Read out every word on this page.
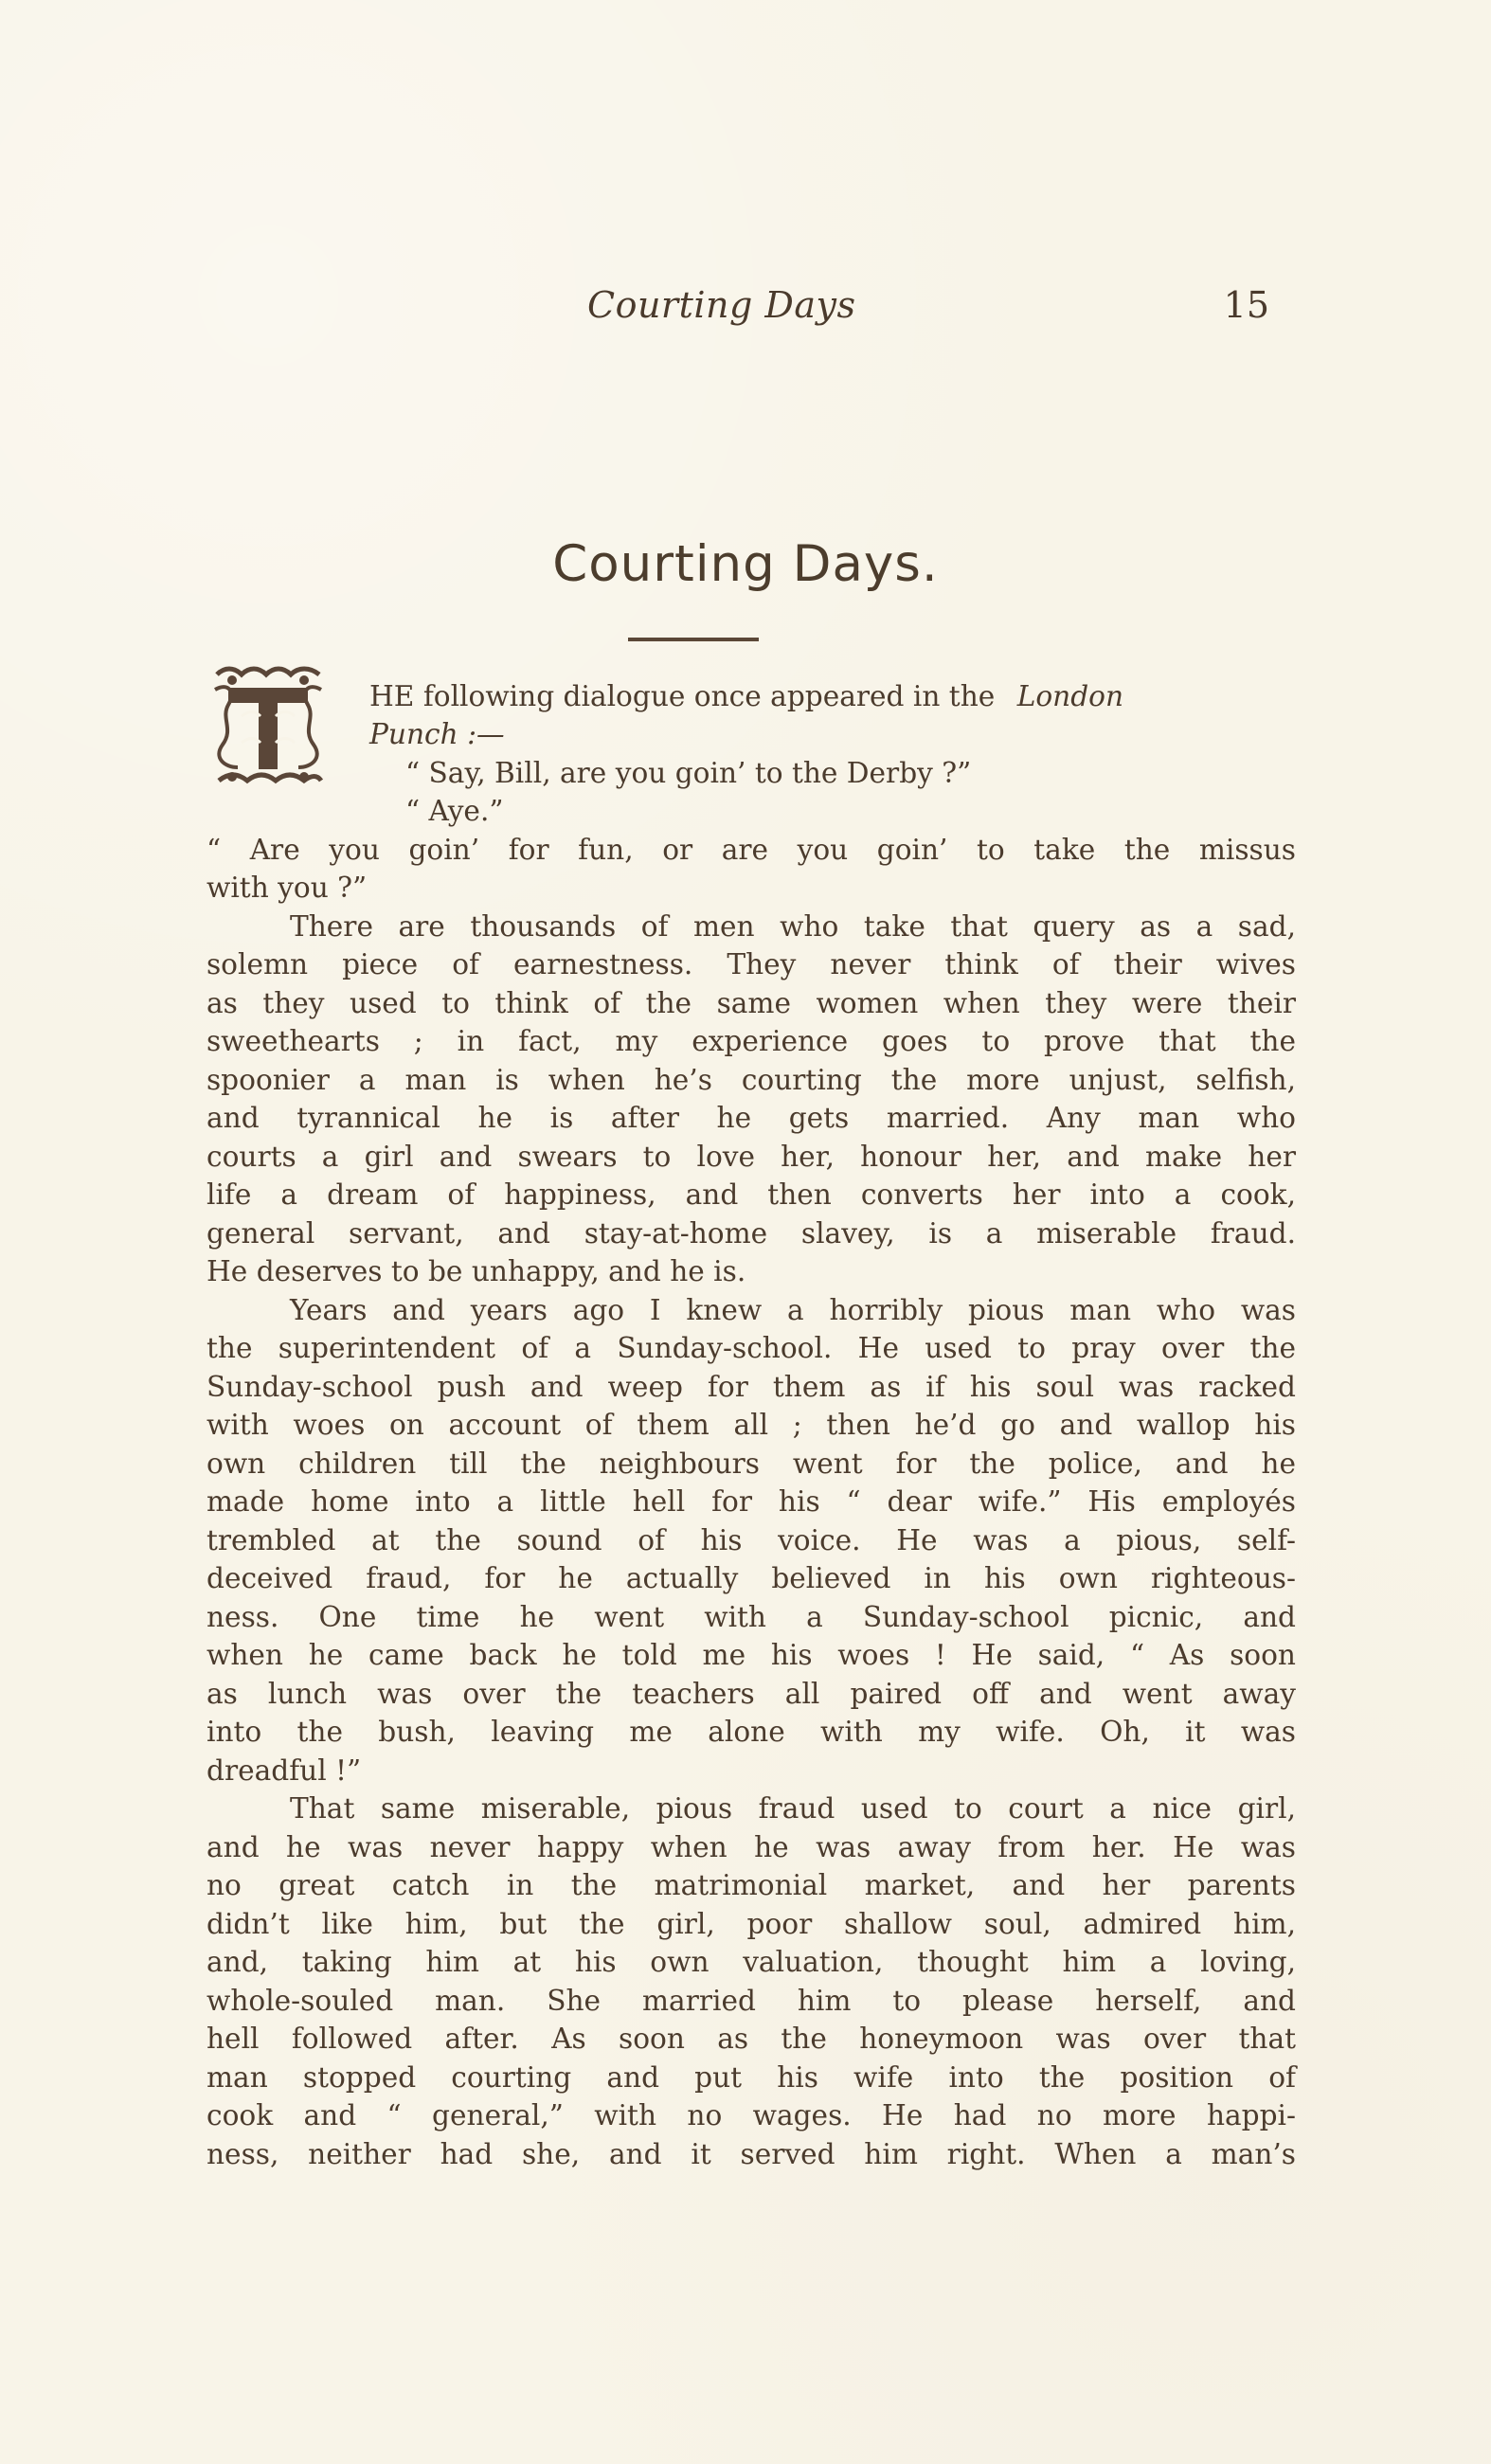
Courting Days	15
Courting Days.
HE following dialogue once appeared in the London
Punch :—
“ Say, Bill, are you goin’ to the Derby ?”
“ Aye.”
“ Are you goin’ for fun, or are you goin’ to take the missus
with you ?”
There are thousands of men who take that query as a sad,
solemn piece of earnestness. They never think of their wives
as they used to think of the same women when they were their
sweethearts ; in fact, my experience goes to prove that the
spoonier a man is when he’s courting the more unjust, selfish,
and tyrannical he is after he gets married. Any man who
courts a girl and swears to love her, honour her, and make her
life a dream of happiness, and then converts her into a cook,
general servant, and stay-at-home slavey, is a miserable fraud.
He deserves to be unhappy, and he is.
Years and years ago I knew a horribly pious man who was
the superintendent of a Sunday-school. He used to pray over the
Sunday-school push and weep for them as if his soul was racked
with woes on account of them all ; then he’d go and wallop his
own children till the neighbours went for the police, and he
made home into a little hell for his “ dear wife.” His employés
trembled at the sound of his voice. He was a pious, self-
deceived fraud, for he actually believed in his own righteous-
ness. One time he went with a Sunday-school picnic, and
when he came back he told me his woes ! He said, “ As soon
as lunch was over the teachers all paired off and went away
into the bush, leaving me alone with my wife. Oh, it was
dreadful !”
That same miserable, pious fraud used to court a nice girl,
and he was never happy when he was away from her. He was
no great catch in the matrimonial market, and her parents
didn’t like him, but the girl, poor shallow soul, admired him,
and, taking him at his own valuation, thought him a loving,
whole-souled man. She married him to please herself, and
hell followed after. As soon as the honeymoon was over that
man stopped courting and put his wife into the position of
cook and “ general,” with no wages. He had no more happi-
ness, neither had she, and it served him right. When a man’s
